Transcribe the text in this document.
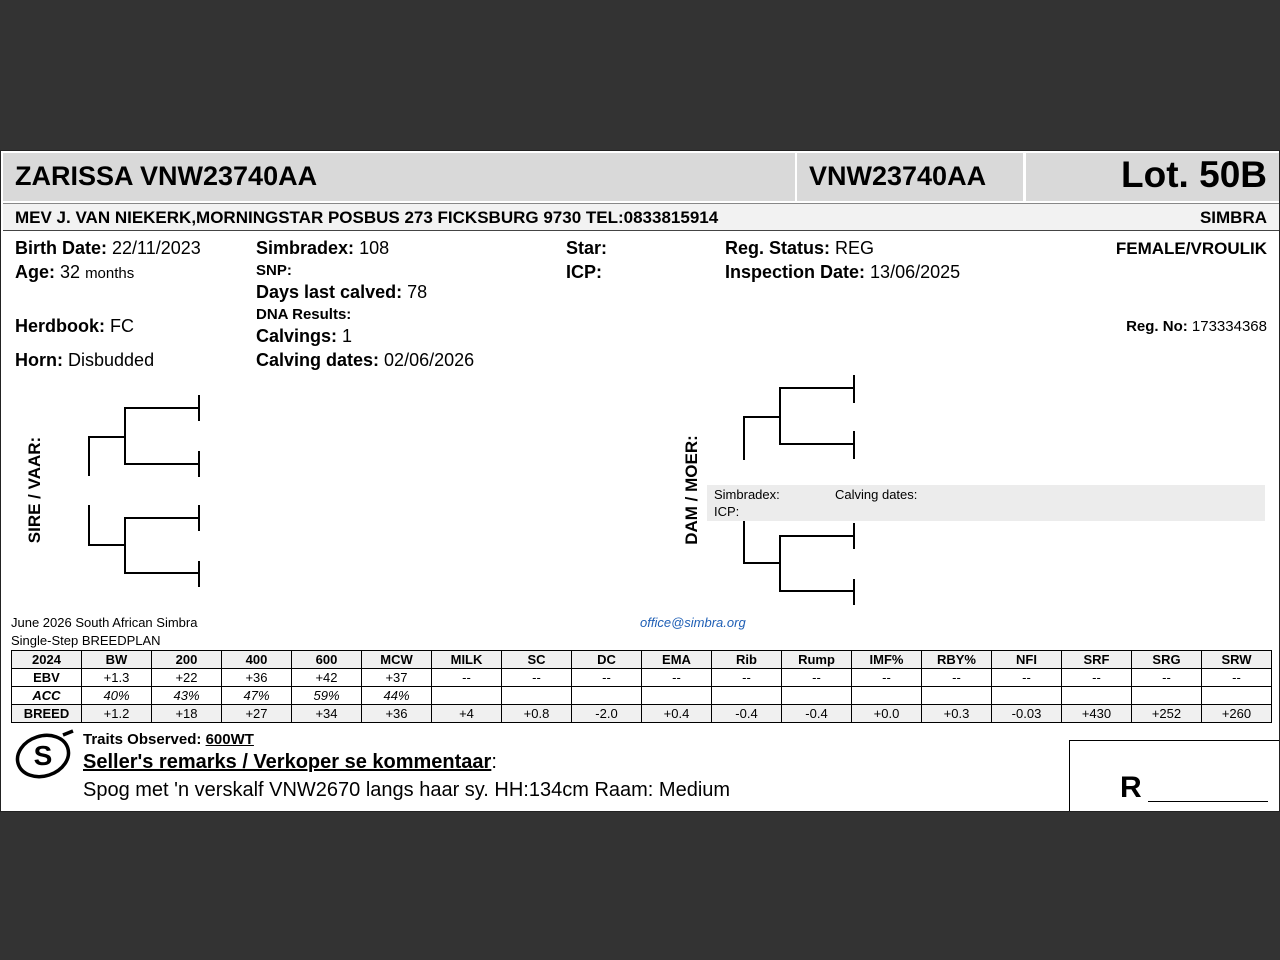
ZARISSA VNW23740AA	VNW23740AA	Lot. 50B
MEV J. VAN NIEKERK,MORNINGSTAR POSBUS 273 FICKSBURG 9730 TEL:0833815914	SIMBRA
Birth Date: 22/11/2023
Age: 32 months
Herdbook: FC
Horn: Disbudded
Simbradex: 108
SNP:
Days last calved: 78
DNA Results:
Calvings: 1
Calving dates: 02/06/2026
Star:
ICP:
Reg. Status: REG
Inspection Date: 13/06/2025
FEMALE/VROULIK
Reg. No: 173334368
SIRE / VAAR:	DAM / MOER: Simbradex:	Calving dates:
ICP:
June 2026 South African Simbra
Single-Step BREEDPLAN
office@simbra.org
2024	BW	200	400	600	MCW	MILK	SC	DC	EMA	Rib	Rump	IMF%	RBY%	NFI	SRF	SRG	SRW
EBV	+1.3	+22	+36	+42	+37	--	--	--	--	--	--	--	--	--	--	--	--
ACC	40%	43%	47%	59%	44%												
BREED	+1.2	+18	+27	+34	+36	+4	+0.8	-2.0	+0.4	-0.4	-0.4	+0.0	+0.3	-0.03	+430	+252	+260
S
Traits Observed: 600WT
Seller's remarks / Verkoper se kommentaar:
Spog met 'n verskalf VNW2670 langs haar sy. HH:134cm Raam: Medium	R
